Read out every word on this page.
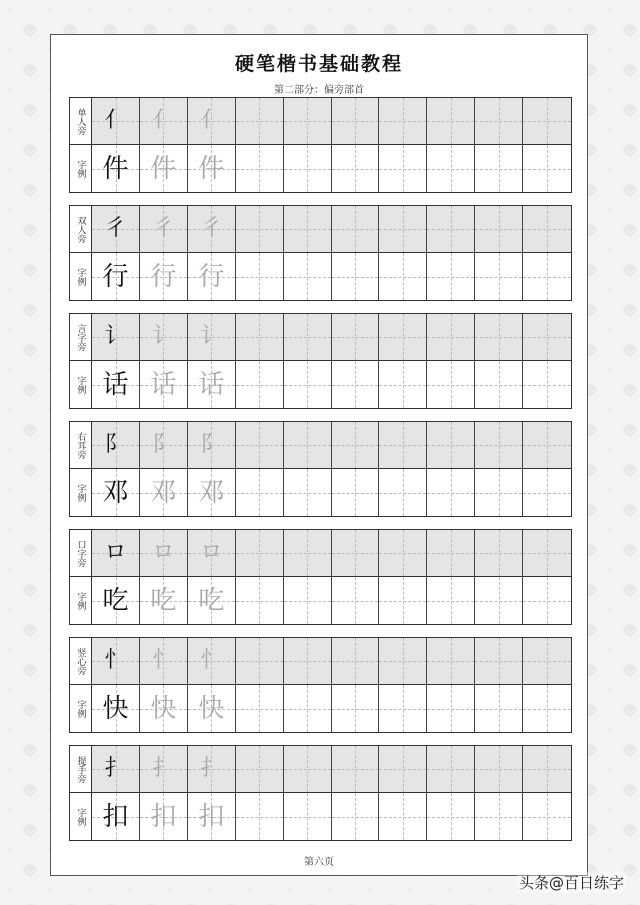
硬笔楷书基础教程
第二部分：偏旁部首
单人旁
字例
亻 亻 亻
件 件 件
双人旁
字例
彳 彳 彳
行 行 行
言字旁
字例
讠 讠 讠
话 话 话
右耳旁
字例
阝 阝 阝
邓 邓 邓
口字旁
字例
ロ ロ ロ
吃 吃 吃
竖心旁
字例
忄 忄 忄
快 快 快
提手旁
字例
扌 扌 扌
扣 扣 扣
第六页
头条@百日练字
